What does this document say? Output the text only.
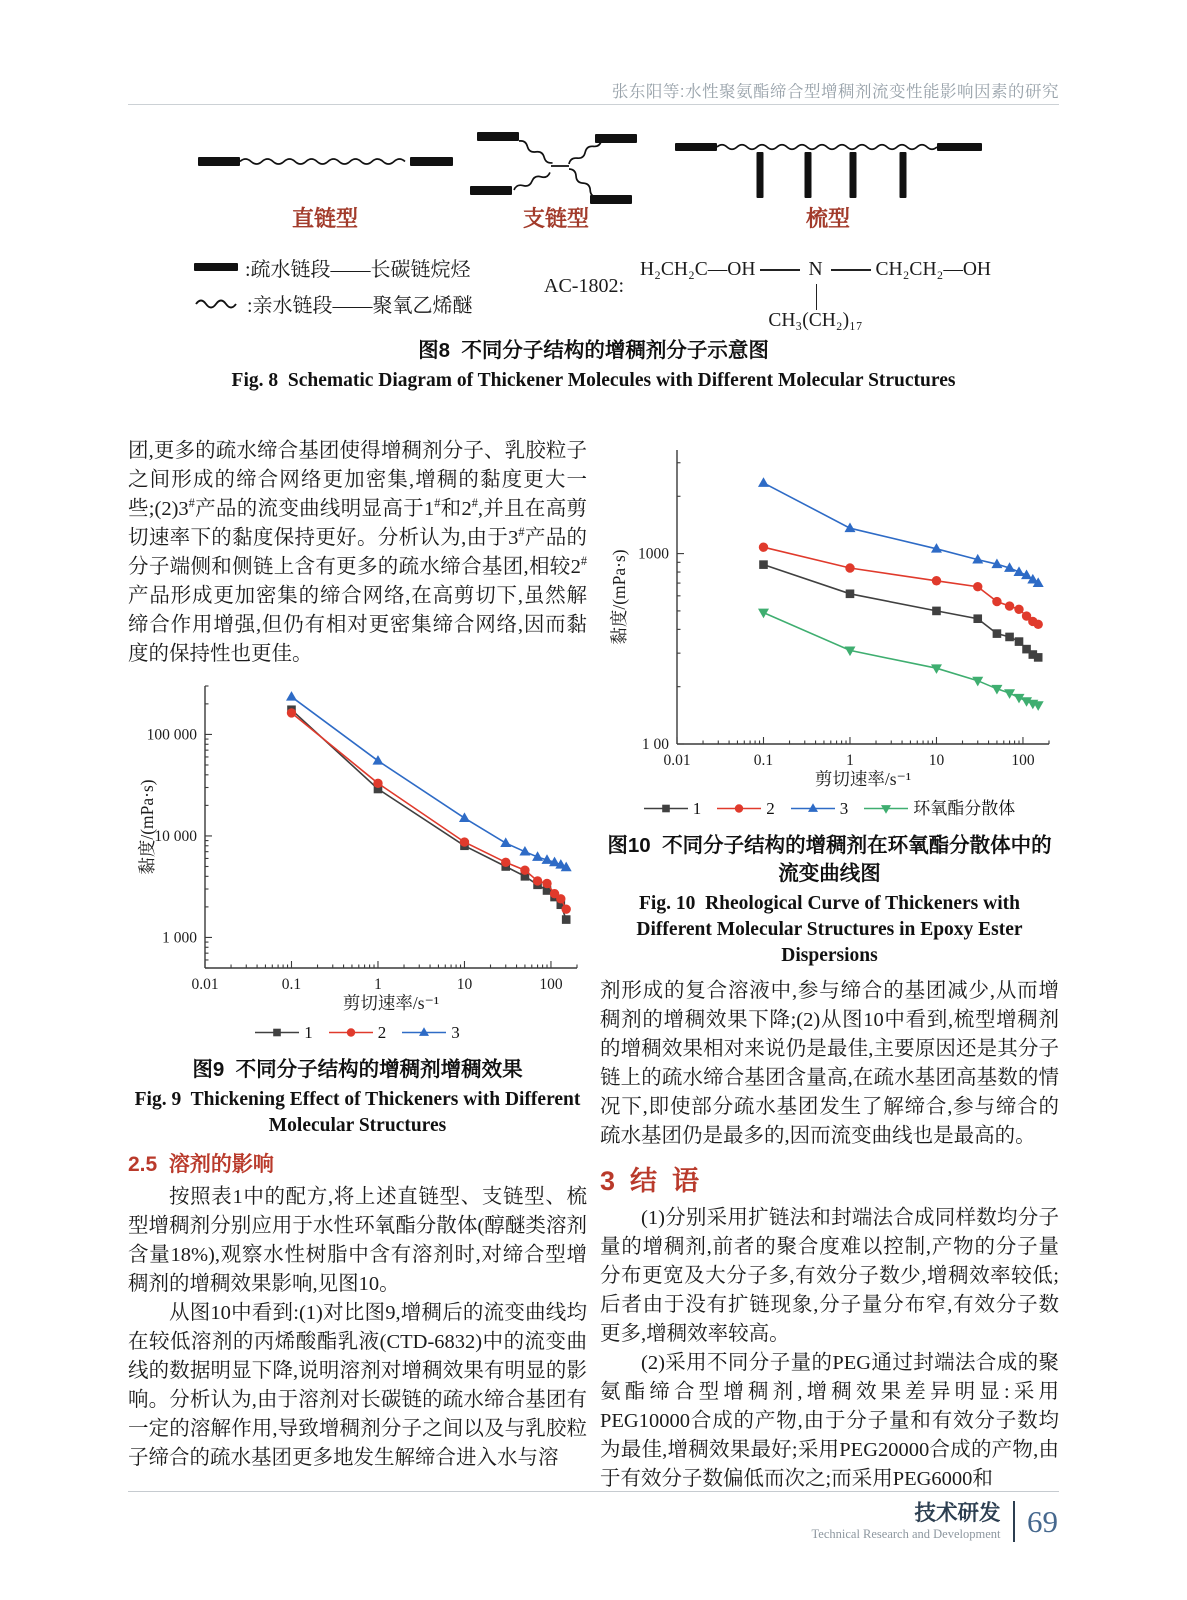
张东阳等:水性聚氨酯缔合型增稠剂流变性能影响因素的研究
直链型	支链型	梳型
:疏水链段——长碳链烷烃
:亲水链段——聚氧乙烯醚
AC-1802:
H₂CH₂C—OH	N
CH₃(CH₂)₁₇
CH₂CH₂—OH
图8  不同分子结构的增稠剂分子示意图
Fig. 8  Schematic Diagram of Thickener Molecules with Different Molecular Structures

团,更多的疏水缔合基团使得增稠剂分子、乳胶粒子之间形成的缔合网络更加密集,增稠的黏度更大一些;(2)3#产品的流变曲线明显高于1#和2#,并且在高剪切速率下的黏度保持更好。分析认为,由于3#产品的分子端侧和侧链上含有更多的疏水缔合基团,相较2#产品形成更加密集的缔合网络,在高剪切下,虽然解缔合作用增强,但仍有相对更密集缔合网络,因而黏度的保持性也更佳。

0.01	0.1	1	10	100
1 000
10 000
100 000
剪切速率/s⁻¹
黏度/(mPa·s)
1	2	3
图9  不同分子结构的增稠剂增稠效果
Fig. 9  Thickening Effect of Thickeners with Different Molecular Structures
2.5  溶剂的影响

按照表1中的配方,将上述直链型、支链型、梳型增稠剂分别应用于水性环氧酯分散体(醇醚类溶剂含量18%),观察水性树脂中含有溶剂时,对缔合型增稠剂的增稠效果影响,见图10。

从图10中看到:(1)对比图9,增稠后的流变曲线均在较低溶剂的丙烯酸酯乳液(CTD-6832)中的流变曲线的数据明显下降,说明溶剂对增稠效果有明显的影响。分析认为,由于溶剂对长碳链的疏水缔合基团有一定的溶解作用,导致增稠剂分子之间以及与乳胶粒子缔合的疏水基团更多地发生解缔合进入水与溶

0.01	0.1	1	10	100
1000
1 00
剪切速率/s⁻¹
黏度/(mPa·s)
1	2	3	环氧酯分散体
图10  不同分子结构的增稠剂在环氧酯分散体中的流变曲线图
Fig. 10  Rheological Curve of Thickeners with Different Molecular Structures in Epoxy Ester Dispersions

剂形成的复合溶液中,参与缔合的基团减少,从而增稠剂的增稠效果下降;(2)从图10中看到,梳型增稠剂的增稠效果相对来说仍是最佳,主要原因还是其分子链上的疏水缔合基团含量高,在疏水基团高基数的情况下,即使部分疏水基团发生了解缔合,参与缔合的疏水基团仍是最多的,因而流变曲线也是最高的。

3  结  语

(1)分别采用扩链法和封端法合成同样数均分子量的增稠剂,前者的聚合度难以控制,产物的分子量分布更宽及大分子多,有效分子数少,增稠效率较低;后者由于没有扩链现象,分子量分布窄,有效分子数更多,增稠效率较高。

(2)采用不同分子量的PEG通过封端法合成的聚氨酯缔合型增稠剂,增稠效果差异明显:采用PEG10000合成的产物,由于分子量和有效分子数均为最佳,增稠效果最好;采用PEG20000合成的产物,由于有效分子数偏低而次之;而采用PEG6000和

技术研发
Technical Research and Development 69
